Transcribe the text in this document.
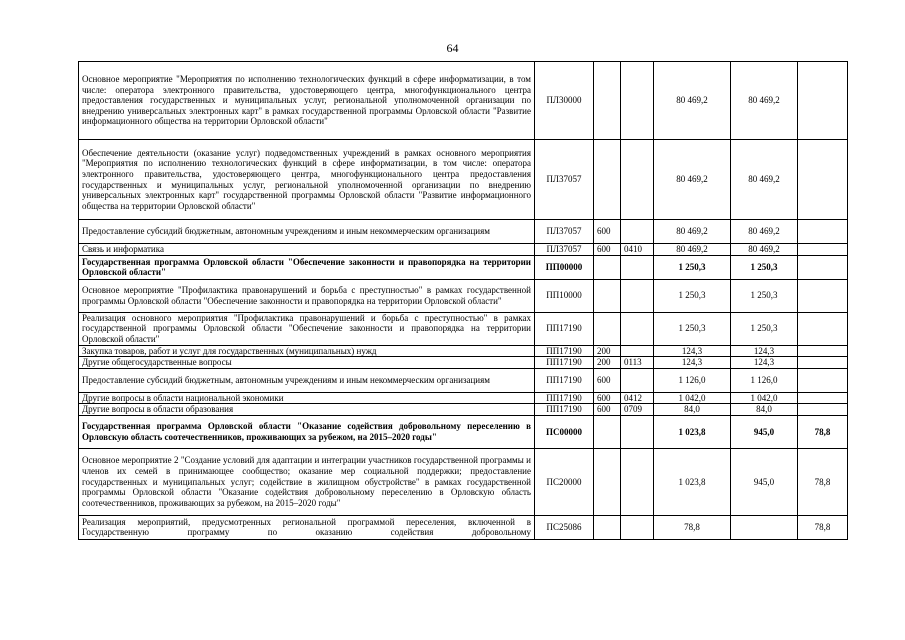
64
Основное мероприятие "Мероприятия по исполнению технологических функций в сфере информатизации, в том числе: оператора электронного правительства, удостоверяющего центра, многофункционального центра предоставления государственных и муниципальных услуг, региональной уполномоченной организации по внедрению универсальных электронных карт" в рамках государственной программы Орловской области "Развитие информационного общества на территории Орловской области"	ПЛ30000			80 469,2	80 469,2	
Обеспечение деятельности (оказание услуг) подведомственных учреждений в рамках основного мероприятия "Мероприятия по исполнению технологических функций в сфере информатизации, в том числе: оператора электронного правительства, удостоверяющего центра, многофункционального центра предоставления государственных и муниципальных услуг, региональной уполномоченной организации по внедрению универсальных электронных карт" государственной программы Орловской области "Развитие информационного общества на территории Орловской области"	ПЛ37057			80 469,2	80 469,2	
Предоставление субсидий бюджетным, автономным учреждениям и иным некоммерческим организациям	ПЛ37057	600		80 469,2	80 469,2	
Связь и информатика	ПЛ37057	600	0410	80 469,2	80 469,2	
Государственная программа Орловской области "Обеспечение законности и правопорядка на территории Орловской области"	ПП00000			1 250,3	1 250,3	
Основное мероприятие "Профилактика правонарушений и борьба с преступностью" в рамках государственной программы Орловской области "Обеспечение законности и правопорядка на территории Орловской области"	ПП10000			1 250,3	1 250,3	
Реализация основного мероприятия "Профилактика правонарушений и борьба с преступностью" в рамках государственной программы Орловской области "Обеспечение законности и правопорядка на территории Орловской области"	ПП17190			1 250,3	1 250,3	
Закупка товаров, работ и услуг для государственных (муниципальных) нужд	ПП17190	200		124,3	124,3	
Другие общегосударственные вопросы	ПП17190	200	0113	124,3	124,3	
Предоставление субсидий бюджетным, автономным учреждениям и иным некоммерческим организациям	ПП17190	600		1 126,0	1 126,0	
Другие вопросы в области национальной экономики	ПП17190	600	0412	1 042,0	1 042,0	
Другие вопросы в области образования	ПП17190	600	0709	84,0	84,0	
Государственная программа Орловской области "Оказание содействия добровольному переселению в Орловскую область соотечественников, проживающих за рубежом, на 2015–2020 годы"	ПС00000			1 023,8	945,0	78,8
Основное мероприятие 2 "Создание условий для адаптации и интеграции участников государственной программы и членов их семей в принимающее сообщество; оказание мер социальной поддержки; предоставление государственных и муниципальных услуг; содействие в жилищном обустройстве" в рамках государственной программы Орловской области "Оказание содействия добровольному переселению в Орловскую область соотечественников, проживающих за рубежом, на 2015–2020 годы"	ПС20000			1 023,8	945,0	78,8
Реализация мероприятий, предусмотренных региональной программой переселения, включенной в Государственную программу по оказанию содействия добровольному	ПС25086			78,8		78,8
